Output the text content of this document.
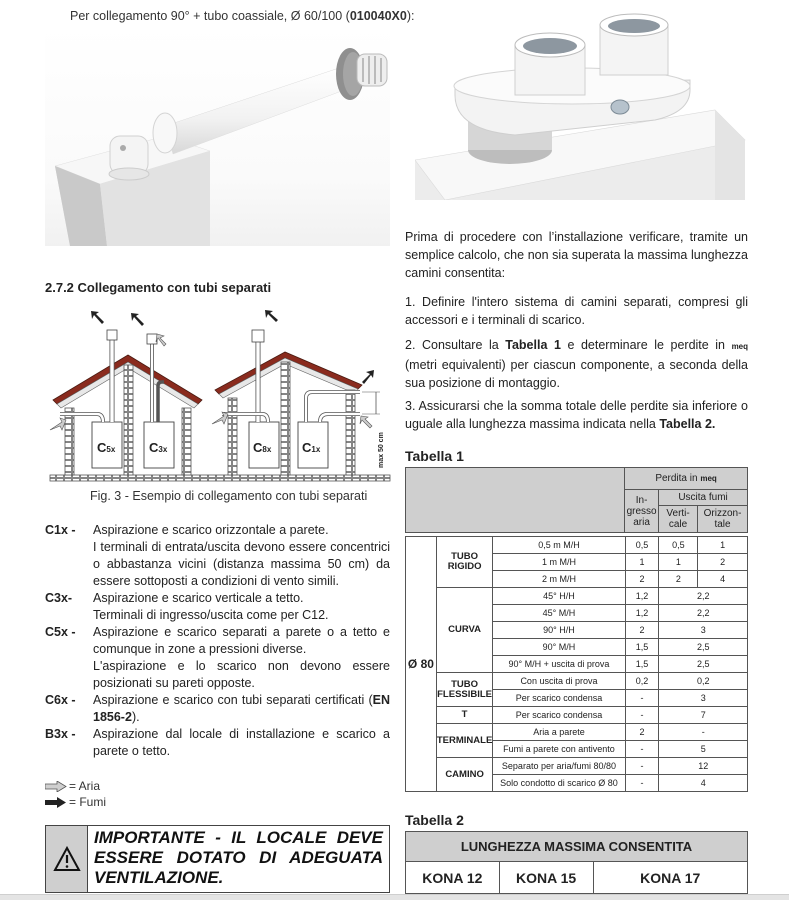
Per collegamento 90° + tubo coassiale, Ø 60/100 (010040X0):
2.7.2 Collegamento con tubi separati
C5x	C3x	C8x C1x	max 50 cm
Fig. 3 - Esempio di collegamento con tubi separati
C1x -	Aspirazione e scarico orizzontale a parete.
I terminali di entrata/uscita devono essere concentrici o abbastanza vicini (distanza massima 50 cm) da essere sottoposti a condizioni di vento simili.
C3x-	Aspirazione e scarico verticale a tetto.
Terminali di ingresso/uscita come per C12.
C5x -	Aspirazione e scarico separati a parete o a tetto e comunque in zone a pressioni diverse.
L'aspirazione e lo scarico non devono essere posizionati su pareti opposte.
C6x -	Aspirazione e scarico con tubi separati certificati (EN 1856-2).
B3x -	Aspirazione dal locale di installazione e scarico a parete o tetto.
= Aria
= Fumi
IMPORTANTE - IL LOCALE DEVE ESSERE DOTATO DI ADEGUATA VENTILAZIONE.
Prima di procedere con l’installazione verificare, tramite un semplice calcolo, che non sia superata la massima lunghezza camini consentita:
1. Definire l'intero sistema di camini separati, compresi gli accessori e i terminali di scarico.
2. Consultare la Tabella 1 e determinare le perdite in meq (metri equivalenti) per ciascun componente, a seconda della sua posizione di montaggio.
3. Assicurarsi che la somma totale delle perdite sia inferiore o uguale alla lunghezza massima indicata nella Tabella 2.
Tabella 1
	Perdita in meq		
	In-
gresso
aria	Uscita fumi	
		Verti-
cale	Orizzon-
tale
Ø 80	TUBO RIGIDO	0,5 m M/H	0,5	0,5	1
		1 m M/H	1	1	2
		2 m M/H	2	2	4
	CURVA	45° H/H	1,2	2,2	
		45° M/H	1,2	2,2	
		90° H/H	2	3	
		90° M/H	1,5	2,5	
		90° M/H + uscita di prova	1,5	2,5	
	TUBO FLESSIBILE	Con uscita di prova	0,2	0,2	
		Per scarico condensa	-	3	
	T	Per scarico condensa	-	7	
	TERMINALE	Aria a parete	2	-	
		Fumi a parete con antivento	-	5	
	CAMINO	Separato per aria/fumi 80/80	-	12	
		Solo condotto di scarico Ø 80	-	4	
Tabella 2
LUNGHEZZA MASSIMA CONSENTITA		
KONA 12	KONA 15	KONA 17
